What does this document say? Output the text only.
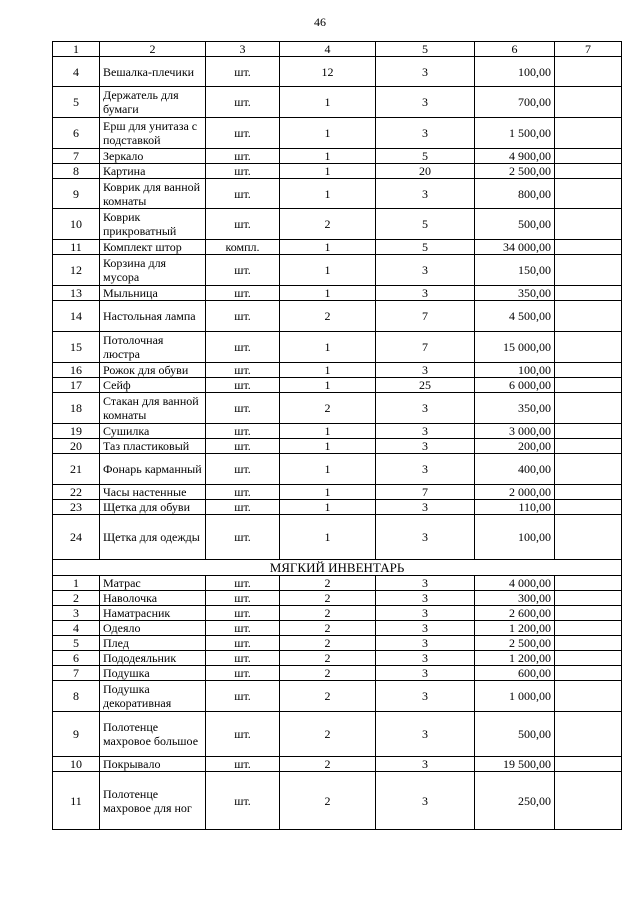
46
1	2	3	4	5	6	7
4	Вешалка-плечики	шт.	12	3	100,00	
5	Держатель для бумаги	шт.	1	3	700,00	
6	Ерш для унитаза с подставкой	шт.	1	3	1 500,00	
7	Зеркало	шт.	1	5	4 900,00	
8	Картина	шт.	1	20	2 500,00	
9	Коврик для ванной комнаты	шт.	1	3	800,00	
10	Коврик прикроватный	шт.	2	5	500,00	
11	Комплект штор	компл.	1	5	34 000,00	
12	Корзина для мусора	шт.	1	3	150,00	
13	Мыльница	шт.	1	3	350,00	
14	Настольная лампа	шт.	2	7	4 500,00	
15	Потолочная люстра	шт.	1	7	15 000,00	
16	Рожок для обуви	шт.	1	3	100,00	
17	Сейф	шт.	1	25	6 000,00	
18	Стакан для ванной комнаты	шт.	2	3	350,00	
19	Сушилка	шт.	1	3	3 000,00	
20	Таз пластиковый	шт.	1	3	200,00	
21	Фонарь карманный	шт.	1	3	400,00	
22	Часы настенные	шт.	1	7	2 000,00	
23	Щетка для обуви	шт.	1	3	110,00	
24	Щетка для одежды	шт.	1	3	100,00	
МЯГКИЙ ИНВЕНТАРЬ						
1	Матрас	шт.	2	3	4 000,00	
2	Наволочка	шт.	2	3	300,00	
3	Наматрасник	шт.	2	3	2 600,00	
4	Одеяло	шт.	2	3	1 200,00	
5	Плед	шт.	2	3	2 500,00	
6	Пододеяльник	шт.	2	3	1 200,00	
7	Подушка	шт.	2	3	600,00	
8	Подушка декоративная	шт.	2	3	1 000,00	
9	Полотенце махровое большое	шт.	2	3	500,00	
10	Покрывало	шт.	2	3	19 500,00	
11	Полотенце махровое для ног	шт.	2	3	250,00	
